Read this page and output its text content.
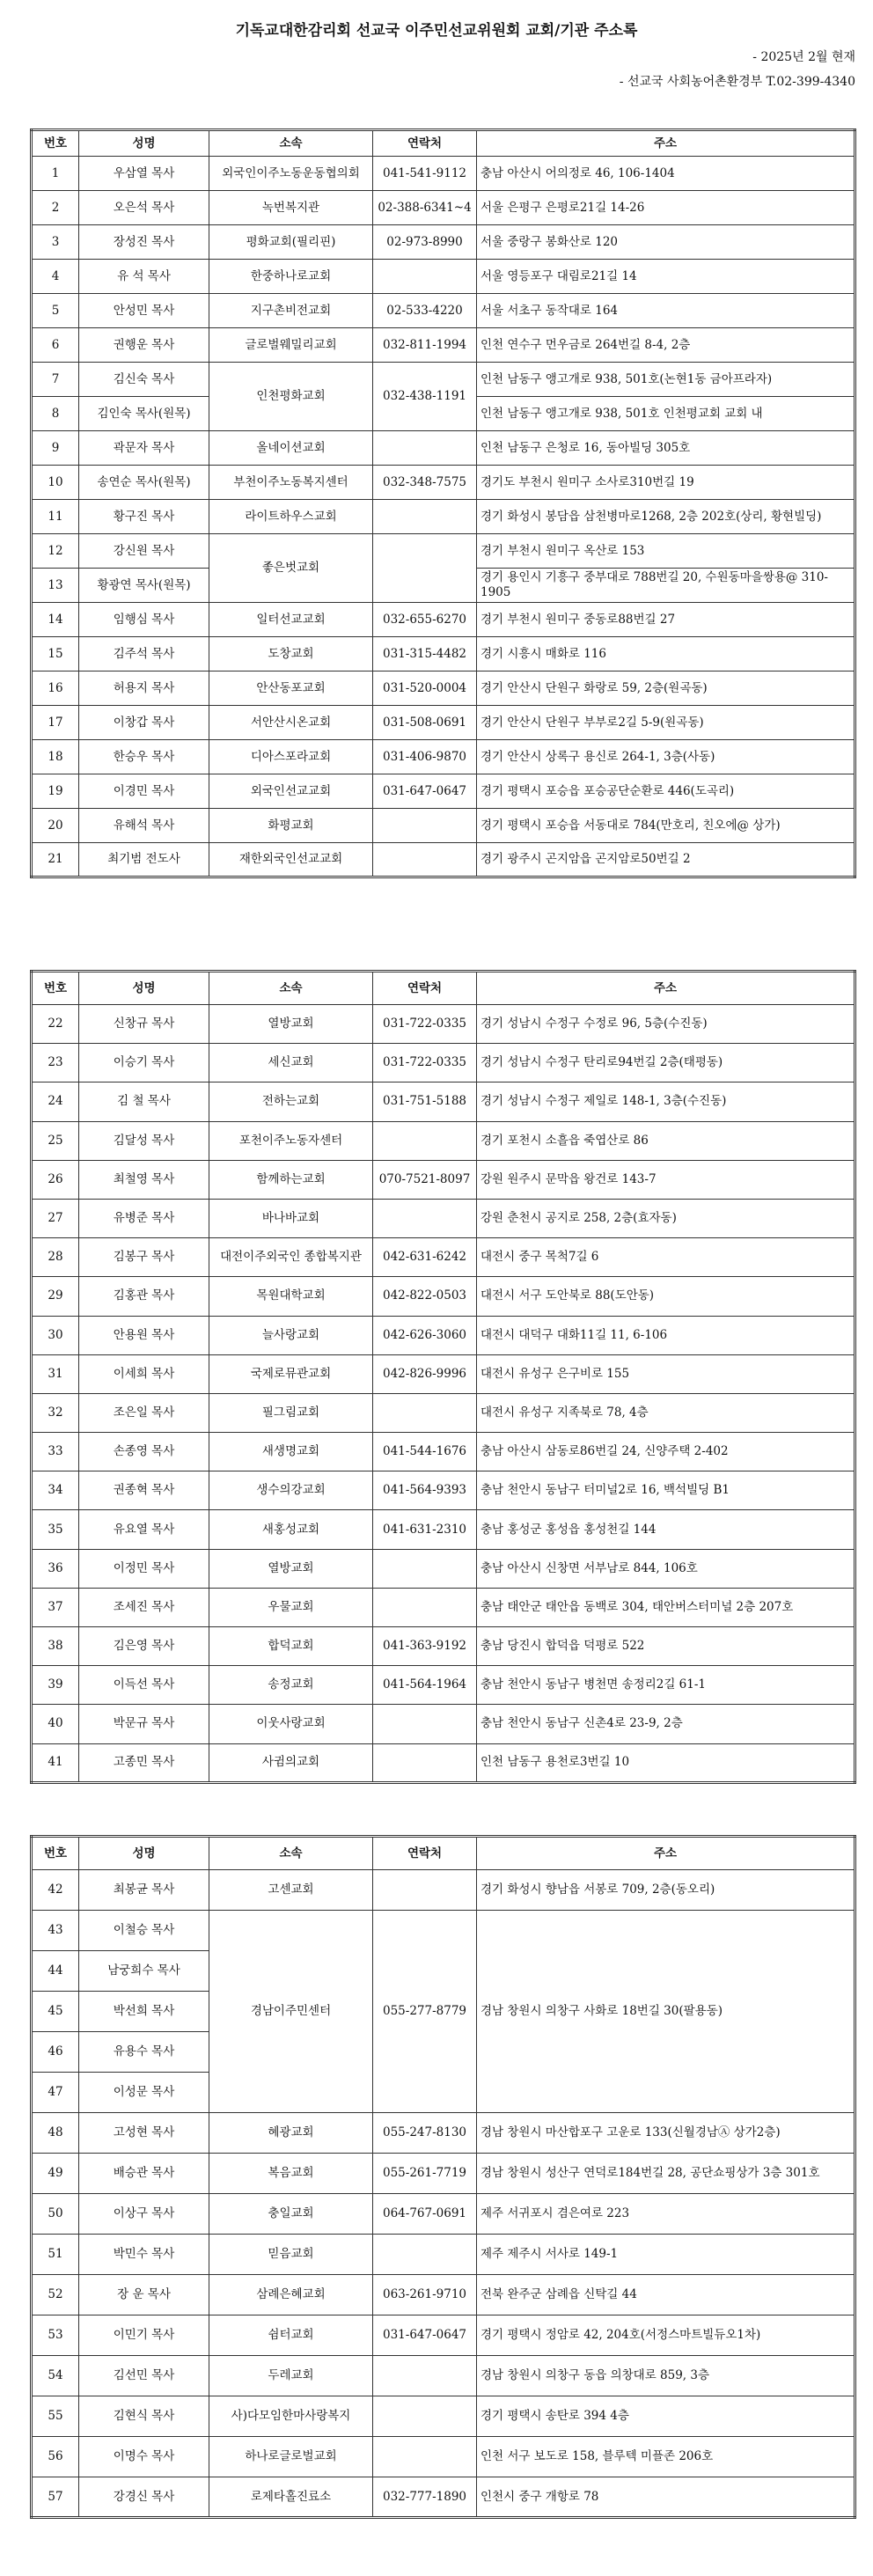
기독교대한감리회 선교국 이주민선교위원회 교회/기관 주소록
- 2025년 2월 현재
- 선교국 사회농어촌환경부 T.02-399-4340
번호	성명	소속	연락처	주소
1	우삼열 목사	외국인이주노동운동협의회	041-541-9112	충남 아산시 어의정로 46, 106-1404
2	오은석 목사	녹번복지관	02-388-6341~4	서울 은평구 은평로21길 14-26
3	장성진 목사	평화교회(필리핀)	02-973-8990	서울 중랑구 봉화산로 120
4	유 석 목사	한중하나로교회		서울 영등포구 대림로21길 14
5	안성민 목사	지구촌비전교회	02-533-4220	서울 서초구 동작대로 164
6	권행운 목사	글로벌웨밀리교회	032-811-1994	인천 연수구 먼우금로 264번길 8-4, 2층
7	김신숙 목사	인천평화교회	032-438-1191	인천 남동구 앵고개로 938, 501호(논현1동 금아프라자)
8	김인숙 목사(원목)			인천 남동구 앵고개로 938, 501호 인천평교회 교회 내
9	곽문자 목사	올네이션교회		인천 남동구 은청로 16, 동아빌딩 305호
10	송연순 목사(원목)	부천이주노동복지센터	032-348-7575	경기도 부천시 원미구 소사로310번길 19
11	황구진 목사	라이트하우스교회		경기 화성시 봉담읍 삼천병마로1268, 2층 202호(상리, 황현빌딩)
12	강신원 목사	좋은벗교회		경기 부천시 원미구 옥산로 153
13	황광연 목사(원목)			경기 용인시 기흥구 중부대로 788번길 20, 수원동마을쌍용@ 310-1905
14	임행심 목사	일터선교교회	032-655-6270	경기 부천시 원미구 중동로88번길 27
15	김주석 목사	도창교회	031-315-4482	경기 시흥시 매화로 116
16	허용지 목사	안산동포교회	031-520-0004	경기 안산시 단원구 화랑로 59, 2층(원곡동)
17	이창갑 목사	서안산시온교회	031-508-0691	경기 안산시 단원구 부부로2길 5-9(원곡동)
18	한승우 목사	디아스포라교회	031-406-9870	경기 안산시 상록구 용신로 264-1, 3층(사동)
19	이경민 목사	외국인선교교회	031-647-0647	경기 평택시 포승읍 포승공단순환로 446(도곡리)
20	유해석 목사	화평교회		경기 평택시 포승읍 서동대로 784(만호리, 친오에@ 상가)
21	최기범 전도사	재한외국인선교교회		경기 광주시 곤지암읍 곤지암로50번길 2
번호	성명	소속	연락처	주소
22	신창규 목사	열방교회	031-722-0335	경기 성남시 수정구 수정로 96, 5층(수진동)
23	이승기 목사	세신교회	031-722-0335	경기 성남시 수정구 탄리로94번길 2층(태평동)
24	김 철 목사	전하는교회	031-751-5188	경기 성남시 수정구 제일로 148-1, 3층(수진동)
25	김달성 목사	포천이주노동자센터		경기 포천시 소흘읍 죽엽산로 86
26	최철영 목사	함께하는교회	070-7521-8097	강원 원주시 문막읍 왕건로 143-7
27	유병준 목사	바나바교회		강원 춘천시 공지로 258, 2층(효자동)
28	김봉구 목사	대전이주외국인 종합복지관	042-631-6242	대전시 중구 목척7길 6
29	김홍관 목사	목원대학교회	042-822-0503	대전시 서구 도안북로 88(도안동)
30	안용원 목사	늘사랑교회	042-626-3060	대전시 대덕구 대화11길 11, 6-106
31	이세희 목사	국제로뮤관교회	042-826-9996	대전시 유성구 은구비로 155
32	조은일 목사	필그림교회		대전시 유성구 지족북로 78, 4층
33	손종영 목사	새생명교회	041-544-1676	충남 아산시 삼동로86번길 24, 신양주택 2-402
34	권종혁 목사	생수의강교회	041-564-9393	충남 천안시 동남구 터미널2로 16, 백석빌딩 B1
35	유요열 목사	새홍성교회	041-631-2310	충남 홍성군 홍성읍 홍성천길 144
36	이정민 목사	열방교회		충남 아산시 신창면 서부남로 844, 106호
37	조세진 목사	우물교회		충남 태안군 태안읍 동백로 304, 태안버스터미널 2층 207호
38	김은영 목사	합덕교회	041-363-9192	충남 당진시 합덕읍 덕평로 522
39	이득선 목사	송정교회	041-564-1964	충남 천안시 동남구 병천면 송정리2길 61-1
40	박문규 목사	이웃사랑교회		충남 천안시 동남구 신촌4로 23-9, 2층
41	고종민 목사	사귐의교회		인천 남동구 용천로3번길 10
번호	성명	소속	연락처	주소
42	최봉균 목사	고센교회		경기 화성시 향남읍 서봉로 709, 2층(동오리)
43	이철승 목사	경남이주민센터	055-277-8779	경남 창원시 의창구 사화로 18번길 30(팔용동)
44	남궁희수 목사			
45	박선희 목사			
46	유용수 목사			
47	이성문 목사			
48	고성현 목사	혜광교회	055-247-8130	경남 창원시 마산합포구 고운로 133(신월경남Ⓐ 상가2층)
49	배승관 목사	복음교회	055-261-7719	경남 창원시 성산구 연덕로184번길 28, 공단쇼핑상가 3층 301호
50	이상구 목사	충일교회	064-767-0691	제주 서귀포시 겸은여로 223
51	박민수 목사	믿음교회		제주 제주시 서사로 149-1
52	장 운 목사	삼례은혜교회	063-261-9710	전북 완주군 삼례읍 신탁길 44
53	이민기 목사	쉼터교회	031-647-0647	경기 평택시 정암로 42, 204호(서정스마트빌듀오1차)
54	김선민 목사	두레교회		경남 창원시 의창구 동읍 의창대로 859, 3층
55	김현식 목사	사)다모임한마사랑복지		경기 평택시 송탄로 394 4층
56	이명수 목사	하나로글로벌교회		인천 서구 보도로 158, 블루텍 미플존 206호
57	강경신 목사	로제타홀진료소	032-777-1890	인천시 중구 개항로 78
